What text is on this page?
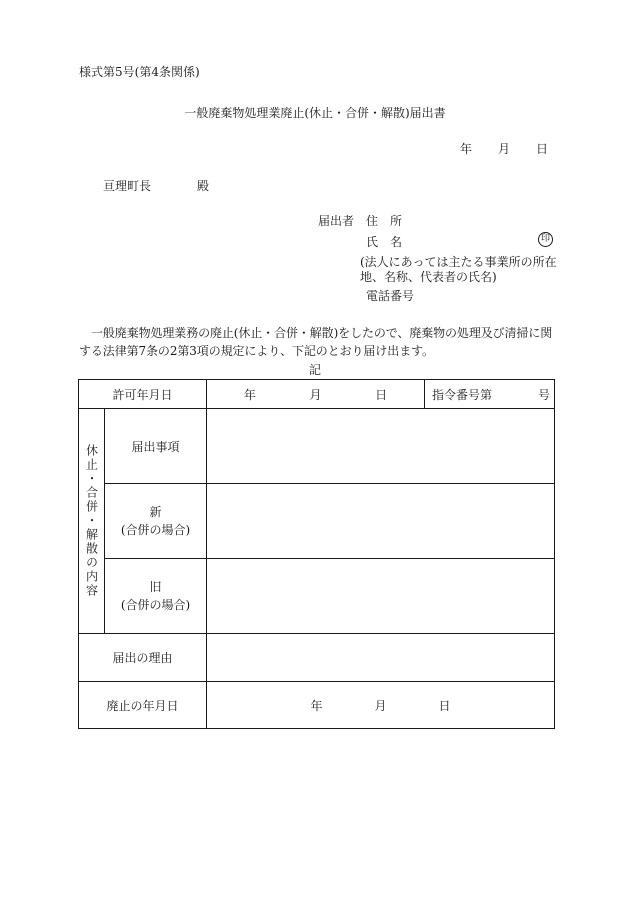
様式第5号(第4条関係)
一般廃棄物処理業廃止(休止・合併・解散)届出書
年 月 日
亘理町長	殿
届出者 住　所
氏　名	印
(法人にあっては主たる事業所の所在地、名称、代表者の氏名)
電話番号
一般廃棄物処理業務の廃止(休止・合併・解散)をしたので、廃棄物の処理及び清掃に関する法律第7条の2第3項の規定により、下記のとおり届け出ます。
記
許可年月日		年 月 日	指令番号第 号

休止・合併・解散の内容	届出事項		

	新
(合併の場合)		

	旧
(合併の場合)		

届出の理由			
廃止の年月日		年 月 日	
